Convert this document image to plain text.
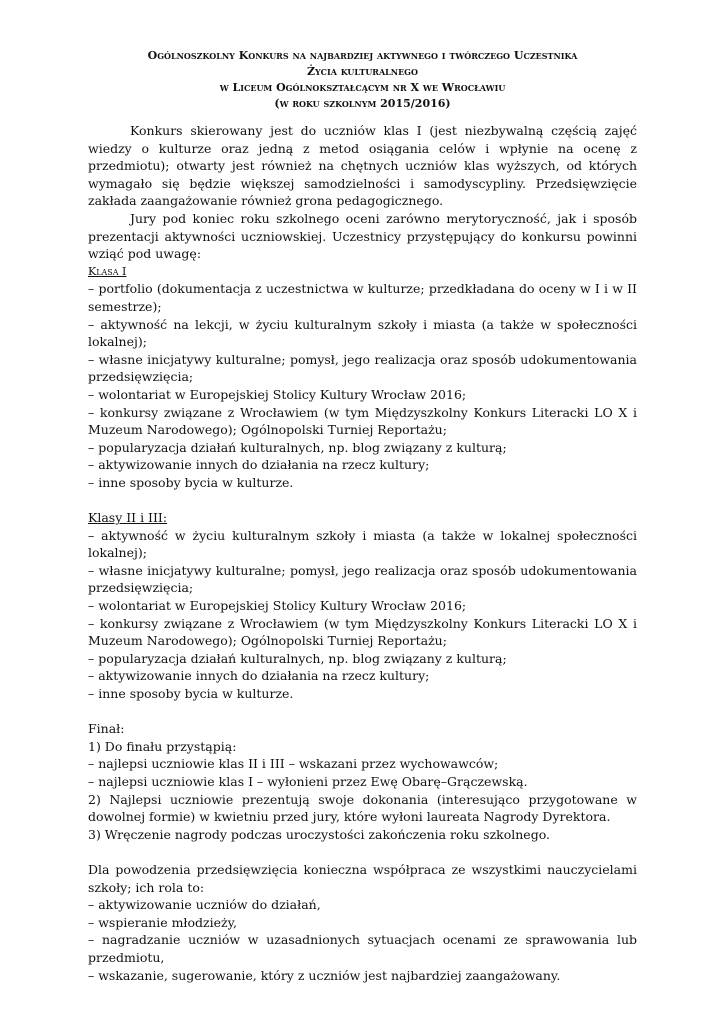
Ogólnoszkolny Konkurs na najbardziej aktywnego i twórczego Uczestnika
Życia kulturalnego
w Liceum Ogólnokształcącym nr X we Wrocławiu
(w roku szkolnym 2015/2016)

Konkurs skierowany jest do uczniów klas I (jest niezbywalną częścią zajęć wiedzy o kulturze oraz jedną z metod osiągania celów i wpłynie na ocenę z przedmiotu); otwarty jest również na chętnych uczniów klas wyższych, od których wymagało się będzie większej samodzielności i samodyscypliny. Przedsięwzięcie zakłada zaangażowanie również grona pedagogicznego.

Jury pod koniec roku szkolnego oceni zarówno merytoryczność, jak i sposób prezentacji aktywności uczniowskiej. Uczestnicy przystępujący do konkursu powinni wziąć pod uwagę:

Klasa I

– portfolio (dokumentacja z uczestnictwa w kulturze; przedkładana do oceny w I i w II semestrze);

– aktywność na lekcji, w życiu kulturalnym szkoły i miasta (a także w społeczności lokalnej);

– własne inicjatywy kulturalne; pomysł, jego realizacja oraz sposób udokumentowania przedsięwzięcia;

– wolontariat w Europejskiej Stolicy Kultury Wrocław 2016;

– konkursy związane z Wrocławiem (w tym Międzyszkolny Konkurs Literacki LO X i Muzeum Narodowego); Ogólnopolski Turniej Reportażu;

– popularyzacja działań kulturalnych, np. blog związany z kulturą;

– aktywizowanie innych do działania na rzecz kultury;

– inne sposoby bycia w kulturze.

Klasy II i III:

– aktywność w życiu kulturalnym szkoły i miasta (a także w lokalnej społeczności lokalnej);

– własne inicjatywy kulturalne; pomysł, jego realizacja oraz sposób udokumentowania przedsięwzięcia;

– wolontariat w Europejskiej Stolicy Kultury Wrocław 2016;

– konkursy związane z Wrocławiem (w tym Międzyszkolny Konkurs Literacki LO X i Muzeum Narodowego); Ogólnopolski Turniej Reportażu;

– popularyzacja działań kulturalnych, np. blog związany z kulturą;

– aktywizowanie innych do działania na rzecz kultury;

– inne sposoby bycia w kulturze.

Finał:

1) Do finału przystąpią:

– najlepsi uczniowie klas II i III – wskazani przez wychowawców;

– najlepsi uczniowie klas I – wyłonieni przez Ewę Obarę–Grączewską.

2) Najlepsi uczniowie prezentują swoje dokonania (interesująco przygotowane w dowolnej formie) w kwietniu przed jury, które wyłoni laureata Nagrody Dyrektora.

3) Wręczenie nagrody podczas uroczystości zakończenia roku szkolnego.

Dla powodzenia przedsięwzięcia konieczna współpraca ze wszystkimi nauczycielami szkoły; ich rola to:

– aktywizowanie uczniów do działań,

– wspieranie młodzieży,

– nagradzanie uczniów w uzasadnionych sytuacjach ocenami ze sprawowania lub przedmiotu,

– wskazanie, sugerowanie, który z uczniów jest najbardziej zaangażowany.
